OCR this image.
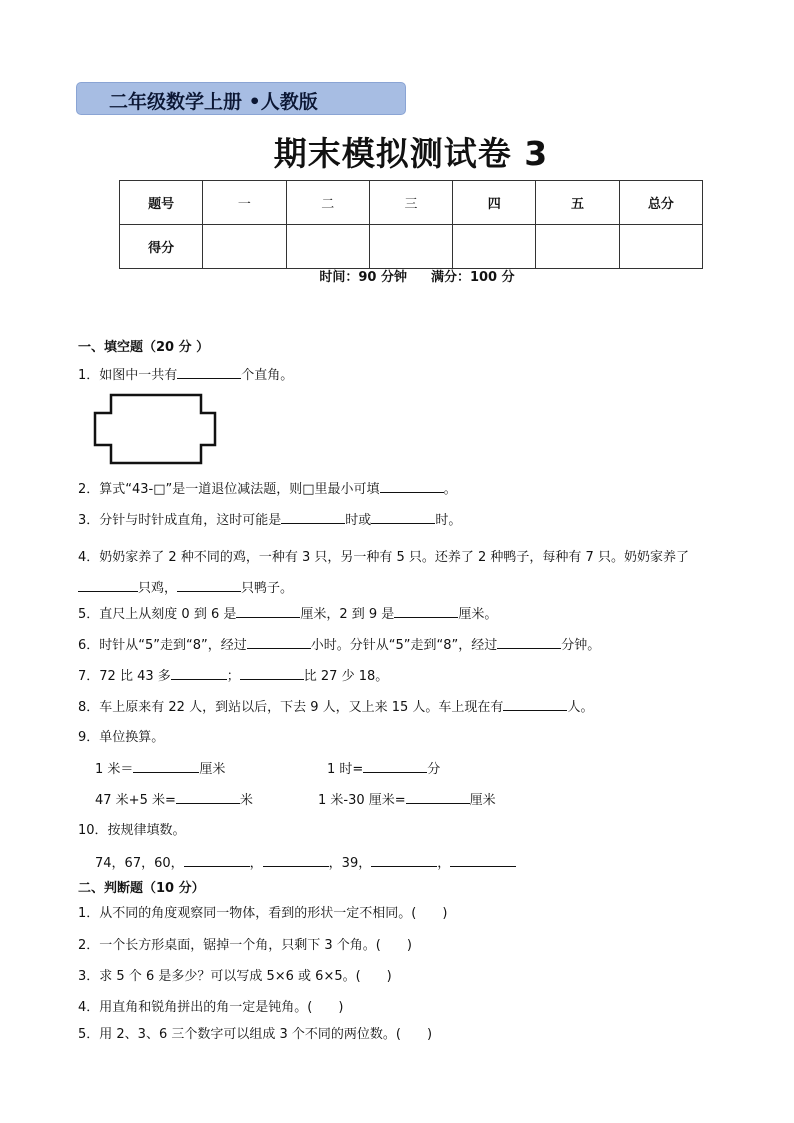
二年级数学上册 •人教版
期末模拟测试卷 3
题号	一	二	三	四	五	总分
得分						
时间：90 分钟 满分：100 分
一、填空题（20 分 ）
1．如图中一共有	个直角。
2．算式“43-□”是一道退位减法题，则□里最小可填	。
3．分针与时针成直角，这时可能是	时或	时。
4．奶奶家养了 2 种不同的鸡，一种有 3 只，另一种有 5 只。还养了 2 种鸭子，每种有 7 只。奶奶家养了只鸡，	只鸭子。
5．直尺上从刻度 0 到 6 是	厘米，2 到 9 是	厘米。
6．时针从“5”走到“8”，经过	小时。分针从“5”走到“8”，经过	分钟。
7．72 比 43 多	；	比 27 少 18。
8．车上原来有 22 人，到站以后，下去 9 人，又上来 15 人。车上现在有	人。
9．单位换算。
1 米＝	厘米	1 时=	分
47 米+5 米=	米	1 米-30 厘米=	厘米
10．按规律填数。
74，67，60，	，	，39，	，
二、判断题（10 分）
1．从不同的角度观察同一物体，看到的形状一定不相同。(　　)
2．一个长方形桌面，锯掉一个角，只剩下 3 个角。(　　)
3．求 5 个 6 是多少？可以写成 5×6 或 6×5。(　　)
4．用直角和锐角拼出的角一定是钝角。(　　)
5．用 2、3、6 三个数字可以组成 3 个不同的两位数。(　　)
